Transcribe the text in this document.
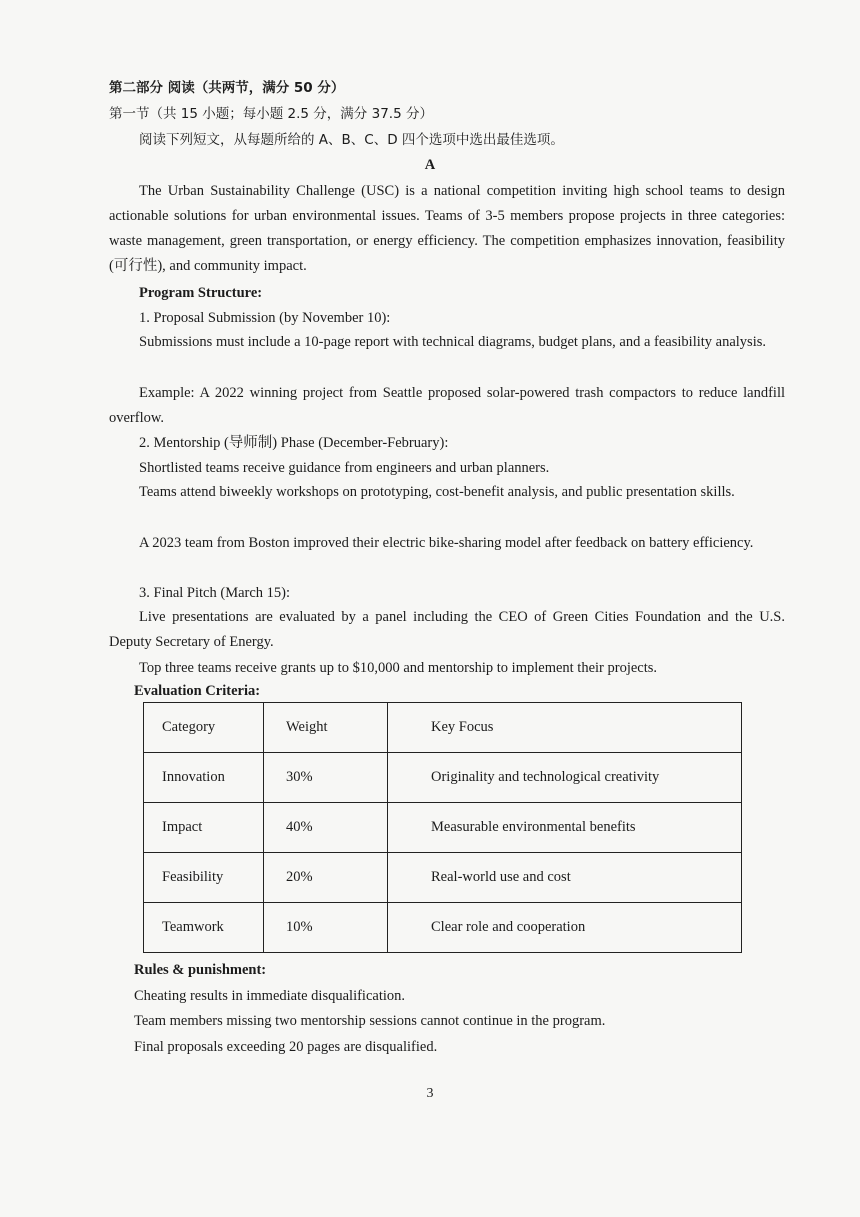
第二部分 阅读（共两节，满分 50 分）
第一节（共 15 小题；每小题 2.5 分，满分 37.5 分）
阅读下列短文，从每题所给的 A、B、C、D 四个选项中选出最佳选项。
A
The Urban Sustainability Challenge (USC) is a national competition inviting high school teams to design actionable solutions for urban environmental issues. Teams of 3-5 members propose projects in three categories: waste management, green transportation, or energy efficiency. The competition emphasizes innovation, feasibility (可行性), and community impact.
Program Structure:
1. Proposal Submission (by November 10):
Submissions must include a 10-page report with technical diagrams, budget plans, and a feasibility analysis.
Example: A 2022 winning project from Seattle proposed solar-powered trash compactors to reduce landfill overflow.
2. Mentorship (导师制) Phase (December-February):
Shortlisted teams receive guidance from engineers and urban planners.
Teams attend biweekly workshops on prototyping, cost-benefit analysis, and public presentation skills.
A 2023 team from Boston improved their electric bike-sharing model after feedback on battery efficiency.
3. Final Pitch (March 15):
Live presentations are evaluated by a panel including the CEO of Green Cities Foundation and the U.S. Deputy Secretary of Energy.
Top three teams receive grants up to $10,000 and mentorship to implement their projects.
Evaluation Criteria:
Category	Weight	Key Focus
Innovation	30%	Originality and technological creativity
Impact	40%	Measurable environmental benefits
Feasibility	20%	Real-world use and cost
Teamwork	10%	Clear role and cooperation
Rules & punishment:
Cheating results in immediate disqualification.
Team members missing two mentorship sessions cannot continue in the program.
Final proposals exceeding 20 pages are disqualified.
3
